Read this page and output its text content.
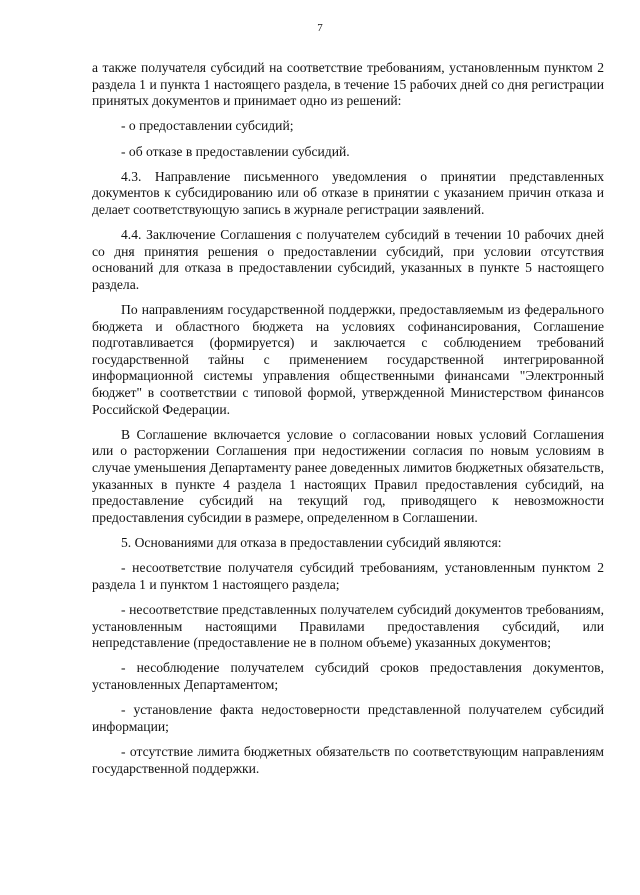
7

а также получателя субсидий на соответствие требованиям, установленным пунктом 2 раздела 1 и пункта 1 настоящего раздела, в течение 15 рабочих дней со дня регистрации принятых документов и принимает одно из решений:

- о предоставлении субсидий;

- об отказе в предоставлении субсидий.

4.3. Направление письменного уведомления о принятии представленных документов к субсидированию или об отказе в принятии с указанием причин отказа и делает соответствующую запись в журнале регистрации заявлений.

4.4. Заключение Соглашения с получателем субсидий в течении 10 рабочих дней со дня принятия решения о предоставлении субсидий, при условии отсутствия оснований для отказа в предоставлении субсидий, указанных в пункте 5 настоящего раздела.

По направлениям государственной поддержки, предоставляемым из федерального бюджета и областного бюджета на условиях софинансирования, Соглашение подготавливается (формируется) и заключается с соблюдением требований государственной тайны с применением государственной интегрированной информационной системы управления общественными финансами "Электронный бюджет" в соответствии с типовой формой, утвержденной Министерством финансов Российской Федерации.

В Соглашение включается условие о согласовании новых условий Соглашения или о расторжении Соглашения при недостижении согласия по новым условиям в случае уменьшения Департаменту ранее доведенных лимитов бюджетных обязательств, указанных в пункте 4 раздела 1 настоящих Правил предоставления субсидий, на предоставление субсидий на текущий год, приводящего к невозможности предоставления субсидии в размере, определенном в Соглашении.

5. Основаниями для отказа в предоставлении субсидий являются:

- несоответствие получателя субсидий требованиям, установленным пунктом 2 раздела 1 и пунктом 1 настоящего раздела;

- несоответствие представленных получателем субсидий документов требованиям, установленным настоящими Правилами предоставления субсидий, или непредставление (предоставление не в полном объеме) указанных документов;

- несоблюдение получателем субсидий сроков предоставления документов, установленных Департаментом;

- установление факта недостоверности представленной получателем субсидий информации;

- отсутствие лимита бюджетных обязательств по соответствующим направлениям государственной поддержки.
